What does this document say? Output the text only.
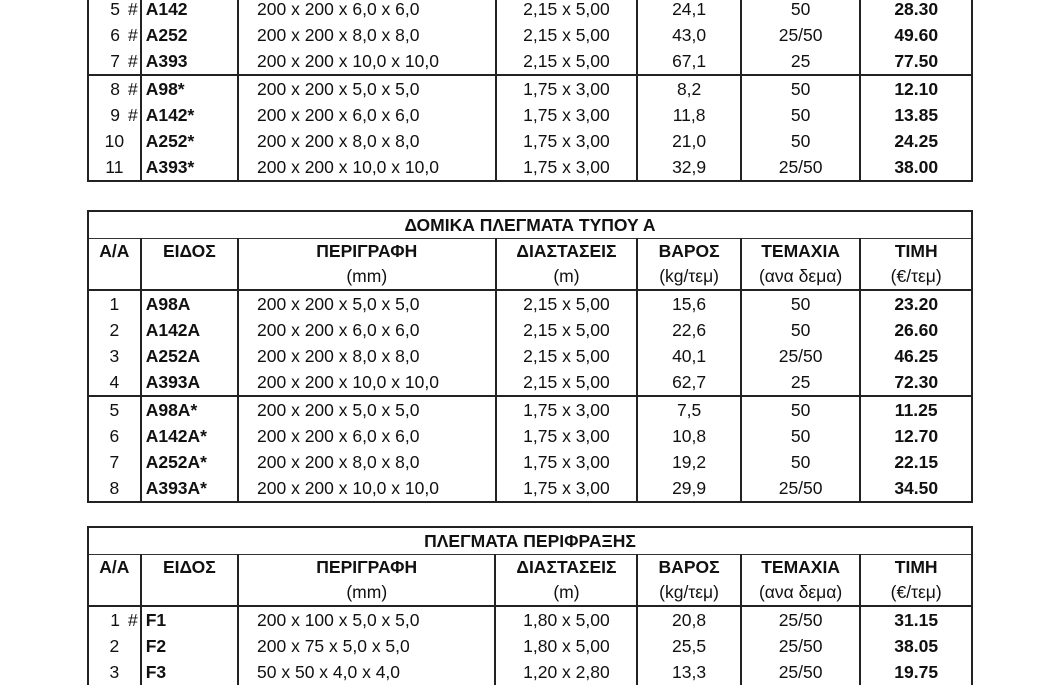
5 #	A142	200 x 200 x 6,0 x 6,0	2,15 x 5,00	24,1	50	28.30
6 #	A252	200 x 200 x 8,0 x 8,0	2,15 x 5,00	43,0	25/50	49.60
7 #	A393	200 x 200 x 10,0 x 10,0	2,15 x 5,00	67,1	25	77.50
8 #	A98*	200 x 200 x 5,0 x 5,0	1,75 x 3,00	8,2	50	12.10
9 #	A142*	200 x 200 x 6,0 x 6,0	1,75 x 3,00	11,8	50	13.85
10	A252*	200 x 200 x 8,0 x 8,0	1,75 x 3,00	21,0	50	24.25
11	A393*	200 x 200 x 10,0 x 10,0	1,75 x 3,00	32,9	25/50	38.00
ΔΟΜΙΚΑ ΠΛΕΓΜΑΤΑ ΤΥΠΟΥ Α						
Α/Α	ΕΙΔΟΣ	ΠΕΡΙΓΡΑΦΗ	ΔΙΑΣΤΑΣΕΙΣ	ΒΑΡΟΣ	ΤΕΜΑΧΙΑ	ΤΙΜΗ
		(mm)	(m)	(kg/τεμ)	(ανα δεμα)	(€/τεμ)
1	A98A	200 x 200 x 5,0 x 5,0	2,15 x 5,00	15,6	50	23.20
2	A142A	200 x 200 x 6,0 x 6,0	2,15 x 5,00	22,6	50	26.60
3	A252A	200 x 200 x 8,0 x 8,0	2,15 x 5,00	40,1	25/50	46.25
4	A393A	200 x 200 x 10,0 x 10,0	2,15 x 5,00	62,7	25	72.30
5	A98A*	200 x 200 x 5,0 x 5,0	1,75 x 3,00	7,5	50	11.25
6	A142A*	200 x 200 x 6,0 x 6,0	1,75 x 3,00	10,8	50	12.70
7	A252A*	200 x 200 x 8,0 x 8,0	1,75 x 3,00	19,2	50	22.15
8	A393A*	200 x 200 x 10,0 x 10,0	1,75 x 3,00	29,9	25/50	34.50
ΠΛΕΓΜΑΤΑ ΠΕΡΙΦΡΑΞΗΣ						
Α/Α	ΕΙΔΟΣ	ΠΕΡΙΓΡΑΦΗ	ΔΙΑΣΤΑΣΕΙΣ	ΒΑΡΟΣ	ΤΕΜΑΧΙΑ	ΤΙΜΗ
		(mm)	(m)	(kg/τεμ)	(ανα δεμα)	(€/τεμ)
1 #	F1	200 x 100 x 5,0 x 5,0	1,80 x 5,00	20,8	25/50	31.15
2	F2	200 x 75 x 5,0 x 5,0	1,80 x 5,00	25,5	25/50	38.05
3	F3	50 x 50 x 4,0 x 4,0	1,20 x 2,80	13,3	25/50	19.75
